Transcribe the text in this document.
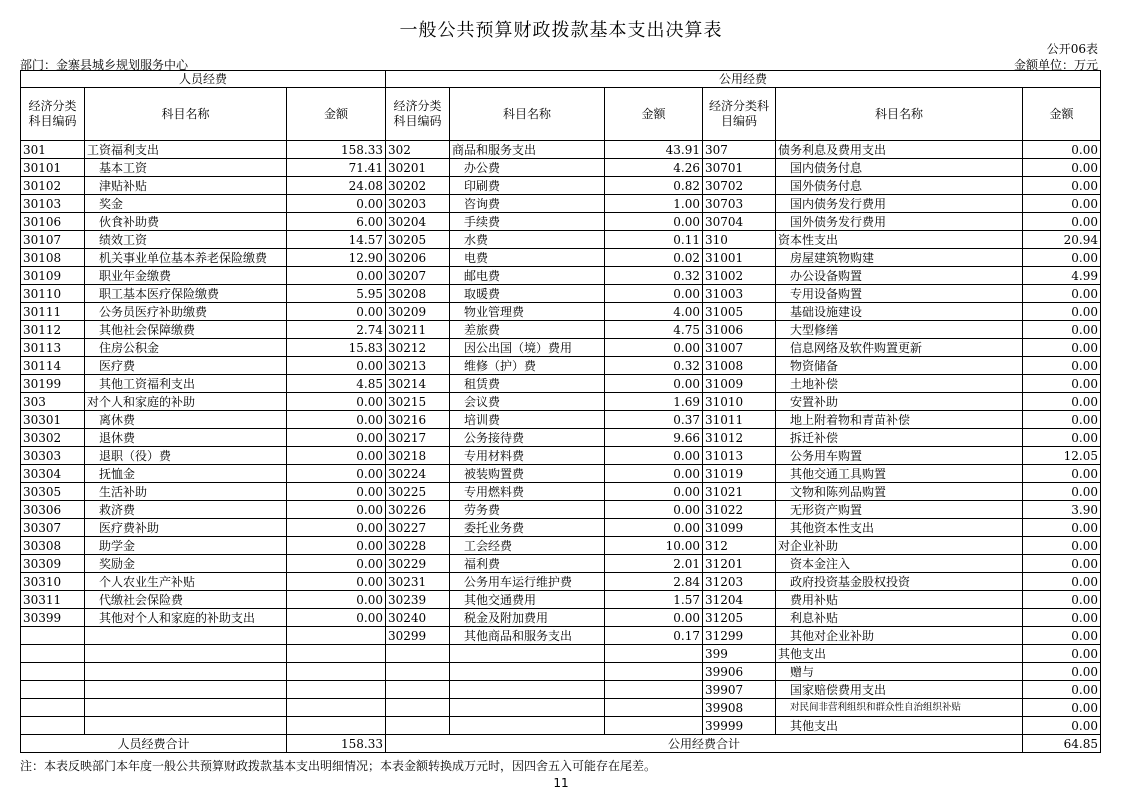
一般公共预算财政拨款基本支出决算表
公开06表
部门：金寨县城乡规划服务中心	金额单位：万元
人员经费			公用经费					
经济分类科目编码	科目名称	金额	经济分类科目编码	科目名称	金额	经济分类科目编码	科目名称	金额
301	工资福利支出	158.33	302	商品和服务支出	43.91	307	债务利息及费用支出	0.00
30101	基本工资	71.41	30201	办公费	4.26	30701	国内债务付息	0.00
30102	津贴补贴	24.08	30202	印刷费	0.82	30702	国外债务付息	0.00
30103	奖金	0.00	30203	咨询费	1.00	30703	国内债务发行费用	0.00
30106	伙食补助费	6.00	30204	手续费	0.00	30704	国外债务发行费用	0.00
30107	绩效工资	14.57	30205	水费	0.11	310	资本性支出	20.94
30108	机关事业单位基本养老保险缴费	12.90	30206	电费	0.02	31001	房屋建筑物购建	0.00
30109	职业年金缴费	0.00	30207	邮电费	0.32	31002	办公设备购置	4.99
30110	职工基本医疗保险缴费	5.95	30208	取暖费	0.00	31003	专用设备购置	0.00
30111	公务员医疗补助缴费	0.00	30209	物业管理费	4.00	31005	基础设施建设	0.00
30112	其他社会保障缴费	2.74	30211	差旅费	4.75	31006	大型修缮	0.00
30113	住房公积金	15.83	30212	因公出国（境）费用	0.00	31007	信息网络及软件购置更新	0.00
30114	医疗费	0.00	30213	维修（护）费	0.32	31008	物资储备	0.00
30199	其他工资福利支出	4.85	30214	租赁费	0.00	31009	土地补偿	0.00
303	对个人和家庭的补助	0.00	30215	会议费	1.69	31010	安置补助	0.00
30301	离休费	0.00	30216	培训费	0.37	31011	地上附着物和青苗补偿	0.00
30302	退休费	0.00	30217	公务接待费	9.66	31012	拆迁补偿	0.00
30303	退职（役）费	0.00	30218	专用材料费	0.00	31013	公务用车购置	12.05
30304	抚恤金	0.00	30224	被装购置费	0.00	31019	其他交通工具购置	0.00
30305	生活补助	0.00	30225	专用燃料费	0.00	31021	文物和陈列品购置	0.00
30306	救济费	0.00	30226	劳务费	0.00	31022	无形资产购置	3.90
30307	医疗费补助	0.00	30227	委托业务费	0.00	31099	其他资本性支出	0.00
30308	助学金	0.00	30228	工会经费	10.00	312	对企业补助	0.00
30309	奖励金	0.00	30229	福利费	2.01	31201	资本金注入	0.00
30310	个人农业生产补贴	0.00	30231	公务用车运行维护费	2.84	31203	政府投资基金股权投资	0.00
30311	代缴社会保险费	0.00	30239	其他交通费用	1.57	31204	费用补贴	0.00
30399	其他对个人和家庭的补助支出	0.00	30240	税金及附加费用	0.00	31205	利息补贴	0.00
			30299	其他商品和服务支出	0.17	31299	其他对企业补助	0.00
						399	其他支出	0.00
						39906	赠与	0.00
						39907	国家赔偿费用支出	0.00
						39908	对民间非营利组织和群众性自治组织补贴	0.00
						39999	其他支出	0.00
人员经费合计		158.33	公用经费合计					64.85
注：本表反映部门本年度一般公共预算财政拨款基本支出明细情况；本表金额转换成万元时，因四舍五入可能存在尾差。
11
